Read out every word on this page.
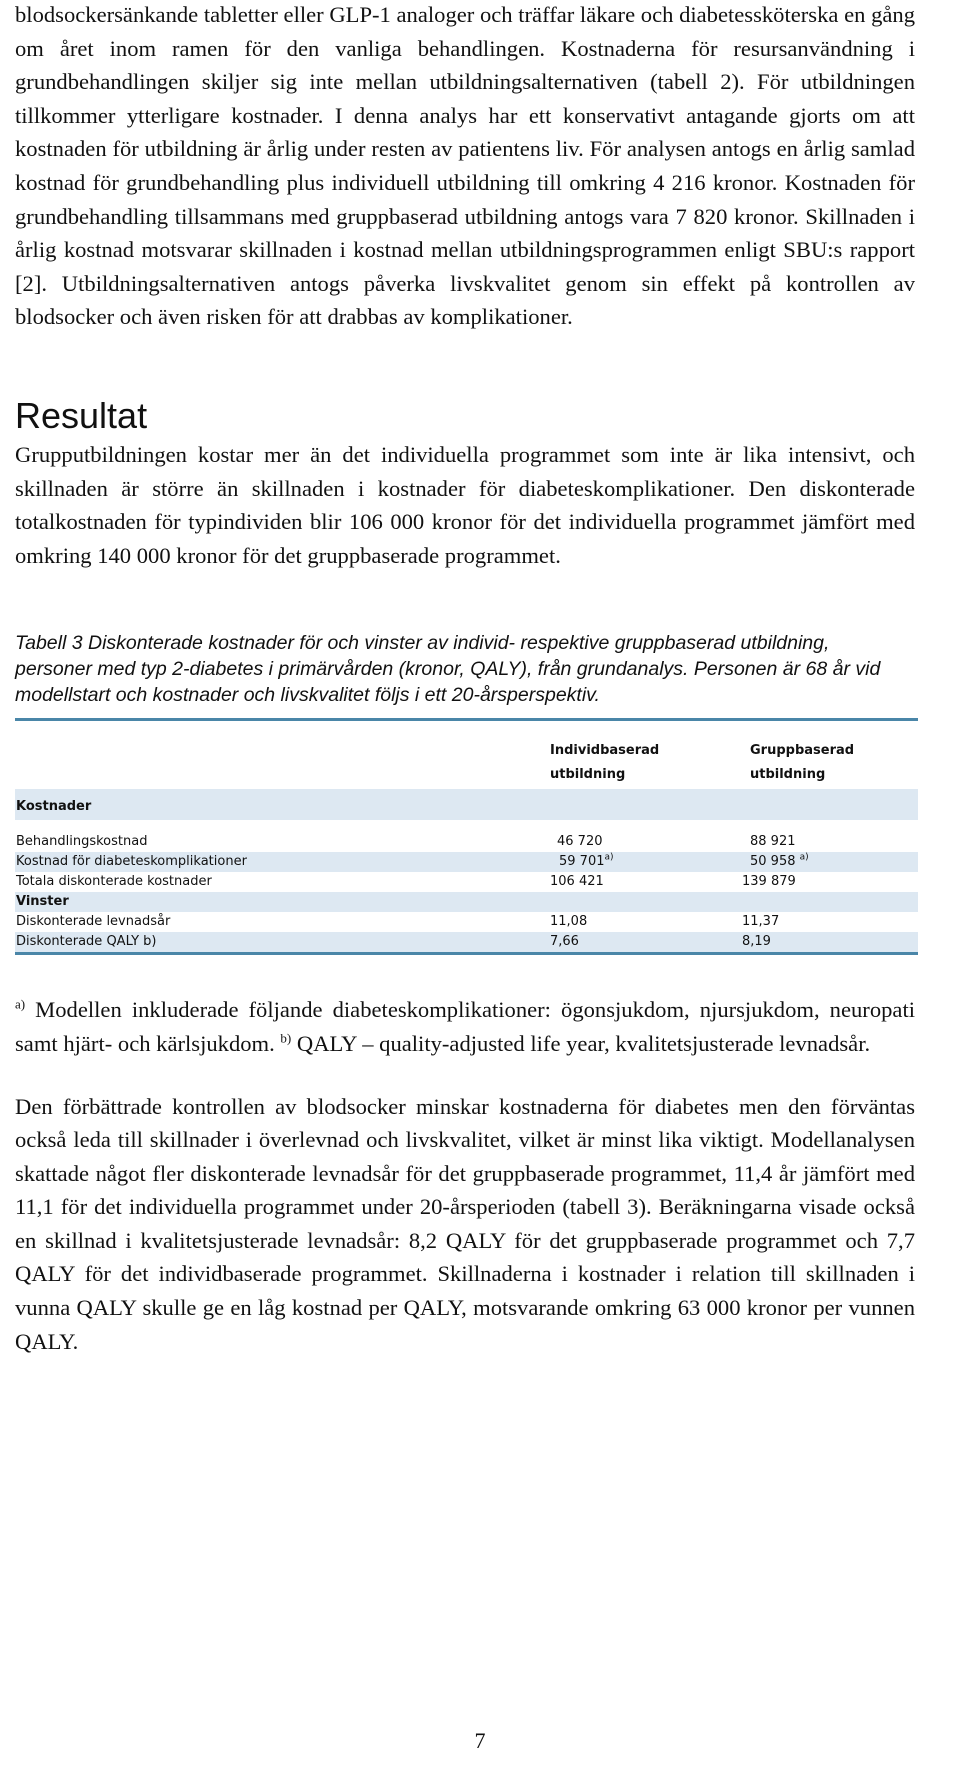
blodsockersänkande tabletter eller GLP-1 analoger och träffar läkare och diabetessköterska en gång om året inom ramen för den vanliga behandlingen. Kostnaderna för resursanvändning i grundbehandlingen skiljer sig inte mellan utbildningsalternativen (tabell 2). För utbildningen tillkommer ytterligare kostnader. I denna analys har ett konservativt antagande gjorts om att kostnaden för utbildning är årlig under resten av patientens liv. För analysen antogs en årlig samlad kostnad för grundbehandling plus individuell utbildning till omkring 4 216 kronor. Kostnaden för grundbehandling tillsammans med gruppbaserad utbildning antogs vara 7 820 kronor. Skillnaden i årlig kostnad motsvarar skillnaden i kostnad mellan utbildningsprogrammen enligt SBU:s rapport [2]. Utbildningsalternativen antogs påverka livskvalitet genom sin effekt på kontrollen av blodsocker och även risken för att drabbas av komplikationer.

Resultat

Grupputbildningen kostar mer än det individuella programmet som inte är lika intensivt, och skillnaden är större än skillnaden i kostnader för diabeteskomplikationer. Den diskonterade totalkostnaden för typindividen blir 106 000 kronor för det individuella programmet jämfört med omkring 140 000 kronor för det gruppbaserade programmet.

Tabell 3 Diskonterade kostnader för och vinster av individ- respektive gruppbaserad utbildning, personer med typ 2-diabetes i primärvården (kronor, QALY), från grundanalys. Personen är 68 år vid modellstart och kostnader och livskvalitet följs i ett 20-årsperspektiv.

	Individbaserad	Gruppbaserad
	utbildning	utbildning
Kostnader		

Behandlingskostnad	46 720	88 921
Kostnad för diabeteskomplikationer	59 701$^{a)}$	50 958 $^{a)}$
Totala diskonterade kostnader	106 421	139 879
Vinster		
Diskonterade levnadsår	11,08	11,37
Diskonterade QALY b)	7,66	8,19

$^{a)}$ Modellen inkluderade följande diabeteskomplikationer: ögonsjukdom, njursjukdom, neuropati samt hjärt- och kärlsjukdom. $^{b)}$ QALY – quality-adjusted life year, kvalitetsjusterade levnadsår.

Den förbättrade kontrollen av blodsocker minskar kostnaderna för diabetes men den förväntas också leda till skillnader i överlevnad och livskvalitet, vilket är minst lika viktigt. Modellanalysen skattade något fler diskonterade levnadsår för det gruppbaserade programmet, 11,4 år jämfört med 11,1 för det individuella programmet under 20-årsperioden (tabell 3). Beräkningarna visade också en skillnad i kvalitetsjusterade levnadsår: 8,2 QALY för det gruppbaserade programmet och 7,7 QALY för det individbaserade programmet. Skillnaderna i kostnader i relation till skillnaden i vunna QALY skulle ge en låg kostnad per QALY, motsvarande omkring 63 000 kronor per vunnen QALY.

7
